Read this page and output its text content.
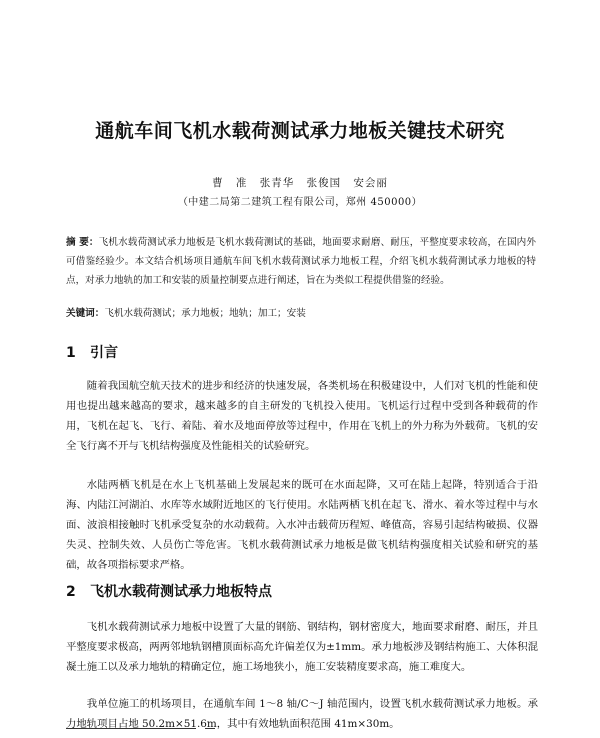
通航车间飞机水载荷测试承力地板关键技术研究
曹 准 张青华 张俊国 安会丽
（中建二局第二建筑工程有限公司，郑州 450000）
摘 要：飞机水载荷测试承力地板是飞机水载荷测试的基础，地面要求耐磨、耐压，平整度要求较高，在国内外可借鉴经验少。本文结合机场项目通航车间飞机水载荷测试承力地板工程，介绍飞机水载荷测试承力地板的特点，对承力地轨的加工和安装的质量控制要点进行阐述，旨在为类似工程提供借鉴的经验。
关键词：飞机水载荷测试；承力地板；地轨；加工；安装
1 引言
随着我国航空航天技术的进步和经济的快速发展，各类机场在积极建设中，人们对飞机的性能和使用也提出越来越高的要求，越来越多的自主研发的飞机投入使用。飞机运行过程中受到各种载荷的作用，飞机在起飞、飞行、着陆、着水及地面停放等过程中，作用在飞机上的外力称为外载荷。飞机的安全飞行离不开与飞机结构强度及性能相关的试验研究。
水陆两栖飞机是在水上飞机基础上发展起来的既可在水面起降，又可在陆上起降，特别适合于沿海、内陆江河湖泊、水库等水域附近地区的飞行使用。水陆两栖飞机在起飞、滑水、着水等过程中与水面、波浪相接触时飞机承受复杂的水动载荷。入水冲击载荷历程短、峰值高，容易引起结构破损、仪器失灵、控制失效、人员伤亡等危害。飞机水载荷测试承力地板是做飞机结构强度相关试验和研究的基础，故各项指标要求严格。
2 飞机水载荷测试承力地板特点
飞机水载荷测试承力地板中设置了大量的钢筋、钢结构，钢材密度大，地面要求耐磨、耐压，并且平整度要求极高，两两邻地轨钢槽顶面标高允许偏差仅为±1mm。承力地板涉及钢结构施工、大体积混凝土施工以及承力地轨的精确定位，施工场地狭小，施工安装精度要求高，施工难度大。
我单位施工的机场项目，在通航车间 1～8 轴/C～J 轴范围内，设置飞机水载荷测试承力地板。承力地轨项目占地 50.2m×51.6m，其中有效地轨面积范围 41m×30m。
